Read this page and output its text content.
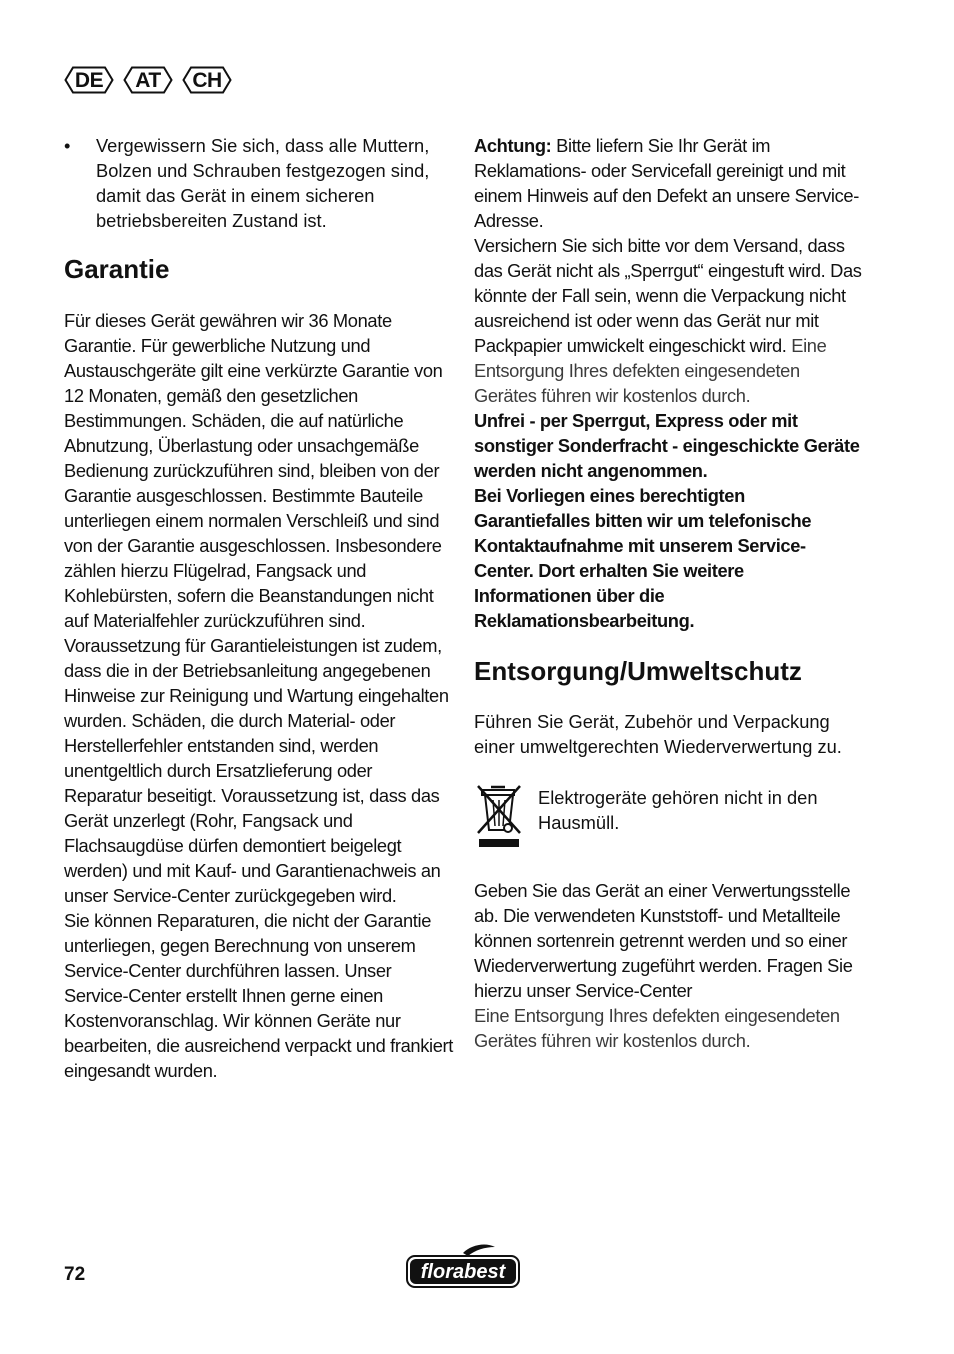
DE AT CH
•	Vergewissern Sie sich, dass alle Muttern, Bolzen und Schrauben festgezogen sind, damit das Gerät in einem sicheren betriebsbereiten Zustand ist.

Garantie

Für dieses Gerät gewähren wir 36 Monate Garantie. Für gewerbliche Nutzung und Austauschgeräte gilt eine verkürzte Garantie von 12 Monaten, gemäß den gesetzlichen Bestimmungen. Schäden, die auf natürliche Abnutzung, Überlastung oder unsachgemäße Bedienung zurückzuführen sind, bleiben von der Garantie ausgeschlossen. Bestimmte Bauteile unterliegen einem normalen Verschleiß und sind von der Garantie ausgeschlossen. Insbesondere zählen hierzu Flügelrad, Fangsack und Kohlebürsten, sofern die Beanstandungen nicht auf Materialfehler zurückzuführen sind. Voraussetzung für Garantieleistungen ist zudem, dass die in der Betriebsanleitung angegebenen Hinweise zur Reinigung und Wartung eingehalten wurden. Schäden, die durch Material- oder Herstellerfehler entstanden sind, werden unentgeltlich durch Ersatzlieferung oder Reparatur beseitigt. Voraussetzung ist, dass das Gerät unzerlegt (Rohr, Fangsack und Flachsaugdüse dürfen demontiert beigelegt werden) und mit Kauf- und Garantienachweis an unser Service-Center zurückgegeben wird.

Sie können Reparaturen, die nicht der Garantie unterliegen, gegen Berechnung von unserem Service-Center durchführen lassen. Unser Service-Center erstellt Ihnen gerne einen Kostenvoranschlag. Wir können Geräte nur bearbeiten, die ausreichend verpackt und frankiert eingesandt wurden.

Achtung: Bitte liefern Sie Ihr Gerät im Reklamations- oder Servicefall gereinigt und mit einem Hinweis auf den Defekt an unsere Service-Adresse.

Versichern Sie sich bitte vor dem Versand, dass das Gerät nicht als „Sperrgut“ eingestuft wird. Das könnte der Fall sein, wenn die Verpackung nicht ausreichend ist oder wenn das Gerät nur mit Packpapier umwickelt eingeschickt wird. Eine Entsorgung Ihres defekten eingesendeten Gerätes führen wir kostenlos durch.

Unfrei - per Sperrgut, Express oder mit sonstiger Sonderfracht - eingeschickte Geräte werden nicht angenommen.

Bei Vorliegen eines berechtigten Garantiefalles bitten wir um telefonische Kontaktaufnahme mit unserem Service-Center. Dort erhalten Sie weitere Informationen über die Reklamationsbearbeitung.

Entsorgung/Umweltschutz

Führen Sie Gerät, Zubehör und Verpackung einer umweltgerechten Wiederverwertung zu.

Elektrogeräte gehören nicht in den Hausmüll.

Geben Sie das Gerät an einer Verwertungsstelle ab. Die verwendeten Kunststoff- und Metallteile können sortenrein getrennt werden und so einer Wiederverwertung zugeführt werden. Fragen Sie hierzu unser Service-Center

Eine Entsorgung Ihres defekten eingesendeten Gerätes führen wir kostenlos durch.

72	florabest
